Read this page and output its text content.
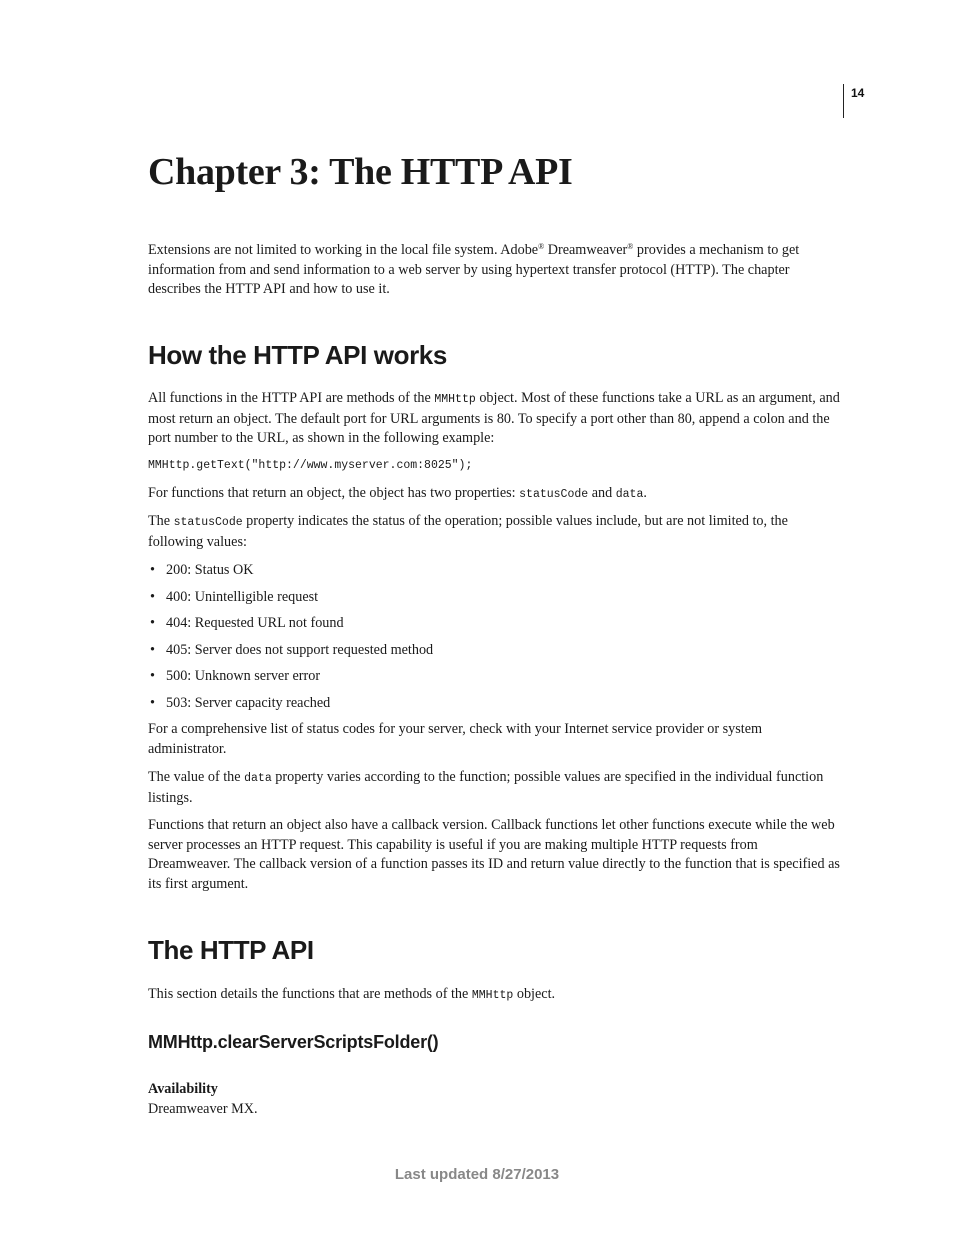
14
Chapter 3: The HTTP API

Extensions are not limited to working in the local file system. Adobe® Dreamweaver® provides a mechanism to get information from and send information to a web server by using hypertext transfer protocol (HTTP). The chapter describes the HTTP API and how to use it.

How the HTTP API works

All functions in the HTTP API are methods of the MMHttp object. Most of these functions take a URL as an argument, and most return an object. The default port for URL arguments is 80. To specify a port other than 80, append a colon and the port number to the URL, as shown in the following example:

MMHttp.getText("http://www.myserver.com:8025");

For functions that return an object, the object has two properties: statusCode and data.

The statusCode property indicates the status of the operation; possible values include, but are not limited to, the following values:

• 200: Status OK
• 400: Unintelligible request
• 404: Requested URL not found
• 405: Server does not support requested method
• 500: Unknown server error
• 503: Server capacity reached

For a comprehensive list of status codes for your server, check with your Internet service provider or system administrator.

The value of the data property varies according to the function; possible values are specified in the individual function listings.

Functions that return an object also have a callback version. Callback functions let other functions execute while the web server processes an HTTP request. This capability is useful if you are making multiple HTTP requests from Dreamweaver. The callback version of a function passes its ID and return value directly to the function that is specified as its first argument.

The HTTP API

This section details the functions that are methods of the MMHttp object.

MMHttp.clearServerScriptsFolder()

Availability

Dreamweaver MX.

Last updated 8/27/2013
